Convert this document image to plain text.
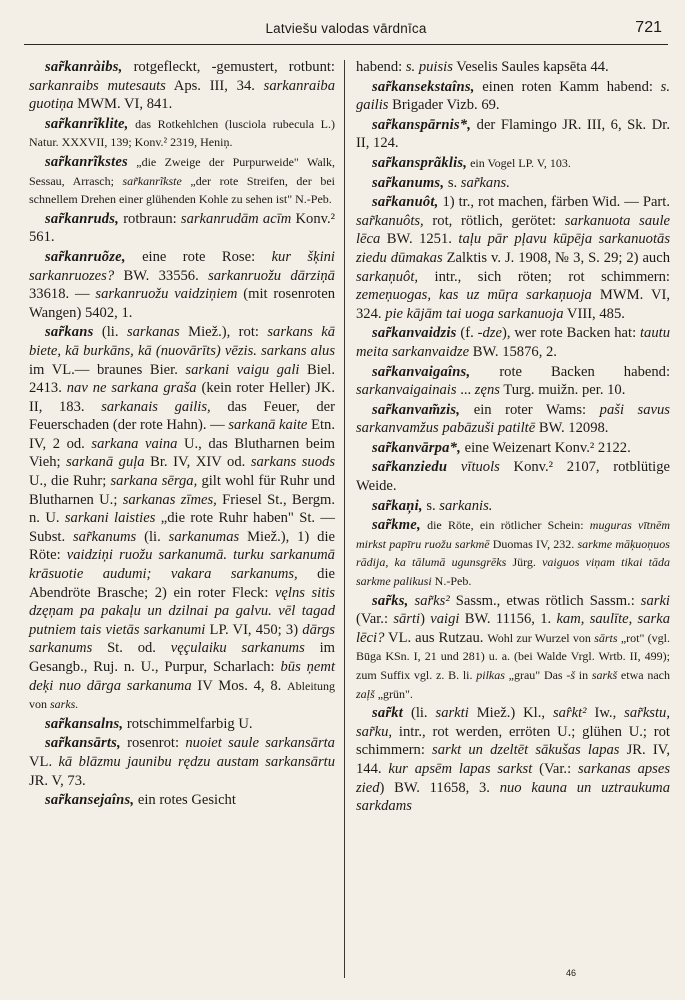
Latviešu valodas vārdnīca	721

sar̃kanràibs, rotgefleckt, -gemustert, rotbunt: sarkanraibs mutesauts Aps. III, 34. sarkanraiba guotiņa MWM. VI, 841.

sar̃kanrĩklite, das Rotkehlchen (lusciola rubecula L.) Natur. XXXVII, 139; Konv.² 2319, Heniņ.

sar̃kanrĩkstes „die Zweige der Purpurweide" Walk, Sessau, Arrasch; sar̃kanrĩkste „der rote Streifen, der bei schnellem Drehen einer glühenden Kohle zu sehen ist" N.-Peb.

sar̃kanruds, rotbraun: sarkanrudām acīm Konv.² 561.

sar̃kanruõze, eine rote Rose: kur šķini sarkanruozes? BW. 33556. sarkanruožu dārziņā 33618. — sarkanruožu vaidziņiem (mit rosenroten Wangen) 5402, 1.

sar̃kans (li. sarkanas Miež.), rot: sarkans kā biete, kā burkāns, kā (nuovārīts) vēzis. sarkans alus im VL.— braunes Bier. sarkani vaigu gali Biel. 2413. nav ne sarkana graša (kein roter Heller) JK. II, 183. sarkanais gailis, das Feuer, der Feuerschaden (der rote Hahn). — sarkanā kaite Etn. IV, 2 od. sarkana vaina U., das Blutharnen beim Vieh; sarkanā guļa Br. IV, XIV od. sarkans suods U., die Ruhr; sarkana sērga, gilt wohl für Ruhr und Blutharnen U.; sarkanas zīmes, Friesel St., Bergm. n. U. sarkani laisties „die rote Ruhr haben" St. — Subst. sar̃kanums (li. sarkanumas Miež.), 1) die Röte: vaidziņi ruožu sarkanumā. turku sarkanumā krāsuotie audumi; vakara sarkanums, die Abendröte Brasche; 2) ein roter Fleck: vęlns sitis dzęņam pa pakaļu un dzilnai pa galvu. vēl tagad putniem tais vietās sarkanumi LP. VI, 450; 3) dārgs sarkanums St. od. vęçulaiku sarkanums im Gesangb., Ruj. n. U., Purpur, Scharlach: būs ņemt deķi nuo dārga sarkanuma IV Mos. 4, 8. Ableitung von sarks.

sar̃kansalns, rotschimmelfarbig U.

sar̃kansārts, rosenrot: nuoiet saule sarkansārta VL. kā blāzmu jaunibu rędzu austam sarkansārtu JR. V, 73.

sar̃kansejaîns, ein rotes Gesicht

habend: s. puisis Veselis Saules kapsēta 44.

sar̃kansekstaîns, einen roten Kamm habend: s. gailis Brigader Vizb. 69.

sar̃kanspārnis*, der Flamingo JR. III, 6, Sk. Dr. II, 124.

sar̃kansprãklis, ein Vogel LP. V, 103.

sar̃kanums, s. sar̃kans.

sar̃kanuôt, 1) tr., rot machen, färben Wid. — Part. sar̃kanuôts, rot, rötlich, gerötet: sarkanuota saule lēca BW. 1251. taļu pār pļavu kūpēja sarkanuotās ziedu dūmakas Zalktis v. J. 1908, № 3, S. 29; 2) auch sarkaņuôt, intr., sich röten; rot schimmern: zemeņuogas, kas uz mūŗa sarkaņuoja MWM. VI, 324. pie kājām tai uoga sarkanuoja VIII, 485.

sar̃kanvaidzis (f. -dze), wer rote Backen hat: tautu meita sarkanvaidze BW. 15876, 2.

sar̃kanvaigaîns, rote Backen habend: sarkanvaigainais ... zęns Turg. muižn. per. 10.

sar̃kanvam̃zis, ein roter Wams: paši savus sarkanvamžus pabāzuši patiltē BW. 12098.

sar̃kanvārpa*, eine Weizenart Konv.² 2122.

sar̃kanziedu vītuols Konv.² 2107, rotblütige Weide.

sar̃kaņi, s. sarkanis.

sar̃kme, die Röte, ein rötlicher Schein: muguras vītnēm mirkst papīru ruožu sarkmē Duomas IV, 232. sarkme māķuoņuos rādija, ka tālumā ugunsgrēks Jürg. vaiguos viņam tikai tāda sarkme palikusi N.-Peb.

sar̃ks, sar̃ks² Sassm., etwas rötlich Sassm.: sarki (Var.: sārti) vaigi BW. 11156, 1. kam, saulīte, sarka lēci? VL. aus Rutzau. Wohl zur Wurzel von sārts „rot" (vgl. Būga KSn. I, 21 und 281) u. a. (bei Walde Vrgl. Wrtb. II, 499); zum Suffix vgl. z. B. li. pilkas „grau" Das -š in sarkš etwa nach zaļš „grün".

sar̃kt (li. sarkti Miež.) Kl., sar̂kt² Iw., sar̃kstu, sar̃ku, intr., rot werden, erröten U.; glühen U.; rot schimmern: sarkt un dzeltēt sākušas lapas JR. IV, 144. kur apsēm lapas sarkst (Var.: sarkanas apses zied) BW. 11658, 3. nuo kauna un uztraukuma sarkdams

46
